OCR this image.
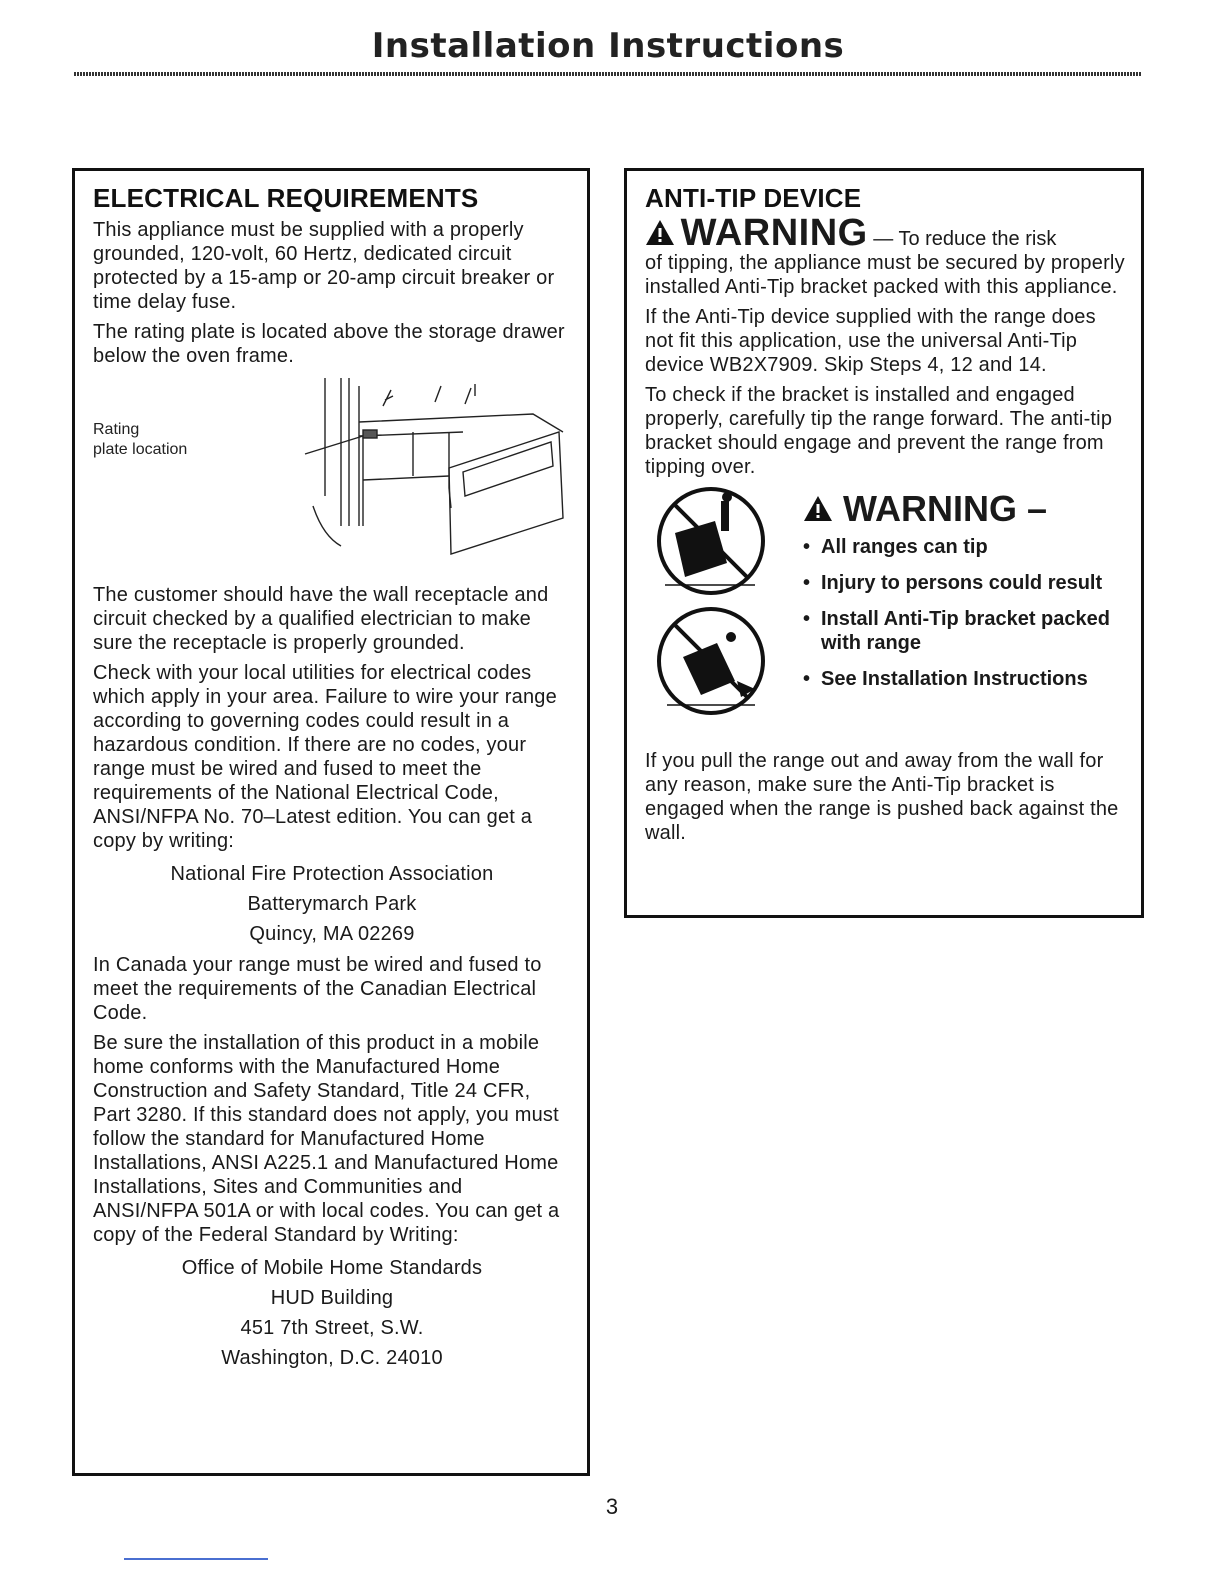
Installation Instructions
ELECTRICAL REQUIREMENTS

This appliance must be supplied with a properly grounded, 120-volt, 60 Hertz, dedicated circuit protected by a 15-amp or 20-amp circuit breaker or time delay fuse.

The rating plate is located above the storage drawer below the oven frame.

Rating
plate location

The customer should have the wall receptacle and circuit checked by a qualified electrician to make sure the receptacle is properly grounded.

Check with your local utilities for electrical codes which apply in your area. Failure to wire your range according to governing codes could result in a hazardous condition. If there are no codes, your range must be wired and fused to meet the requirements of the National Electrical Code, ANSI/NFPA No. 70–Latest edition. You can get a copy by writing:

National Fire Protection Association

Batterymarch Park

Quincy, MA 02269

In Canada your range must be wired and fused to meet the requirements of the Canadian Electrical Code.

Be sure the installation of this product in a mobile home conforms with the Manufactured Home Construction and Safety Standard, Title 24 CFR, Part 3280. If this standard does not apply, you must follow the standard for Manufactured Home Installations, ANSI A225.1 and Manufactured Home Installations, Sites and Communities and ANSI/NFPA 501A or with local codes. You can get a copy of the Federal Standard by Writing:

Office of Mobile Home Standards

HUD Building

451 7th Street, S.W.

Washington, D.C. 24010

ANTI-TIP DEVICE
WARNING — To reduce the risk

of tipping, the appliance must be secured by properly installed Anti-Tip bracket packed with this appliance.

If the Anti-Tip device supplied with the range does not fit this application, use the universal Anti-Tip device WB2X7909. Skip Steps 4, 12 and 14.

To check if the bracket is installed and engaged properly, carefully tip the range forward. The anti-tip bracket should engage and prevent the range from tipping over.

WARNING –
• All ranges can tip
• Injury to persons could result
• Install Anti-Tip bracket packed with range
• See Installation Instructions

If you pull the range out and away from the wall for any reason, make sure the Anti-Tip bracket is engaged when the range is pushed back against the wall.

3
